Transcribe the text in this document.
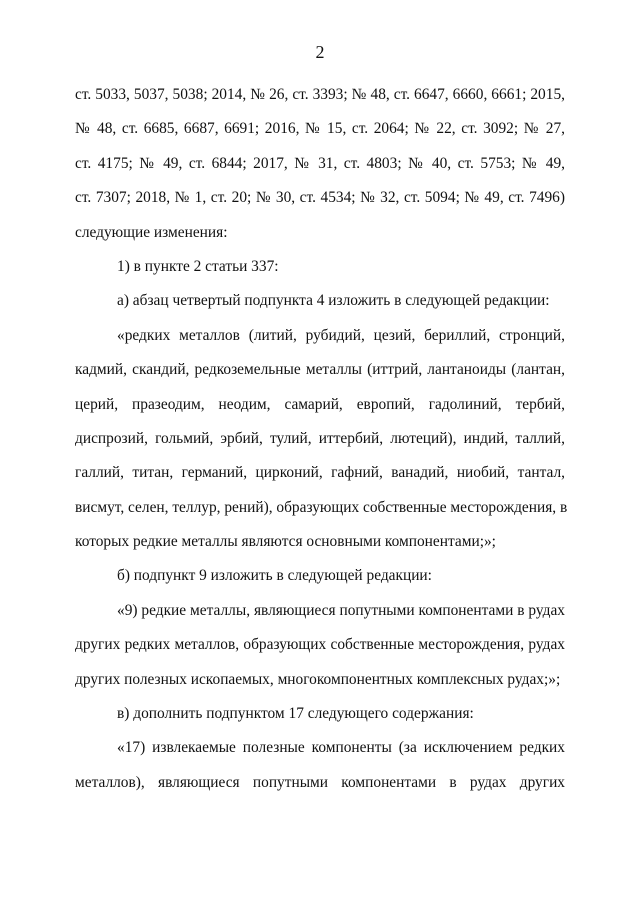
2
ст. 5033, 5037, 5038; 2014, № 26, ст. 3393; № 48, ст. 6647, 6660, 6661; 2015,
№ 48, ст. 6685, 6687, 6691; 2016, № 15, ст. 2064; № 22, ст. 3092; № 27,
ст. 4175; № 49, ст. 6844; 2017, № 31, ст. 4803; № 40, ст. 5753; № 49,
ст. 7307; 2018, № 1, ст. 20; № 30, ст. 4534; № 32, ст. 5094; № 49, ст. 7496)
следующие изменения:
1) в пункте 2 статьи 337:
а) абзац четвертый подпункта 4 изложить в следующей редакции:
«редких металлов (литий, рубидий, цезий, бериллий, стронций,
кадмий, скандий, редкоземельные металлы (иттрий, лантаноиды (лантан,
церий, празеодим, неодим, самарий, европий, гадолиний, тербий,
диспрозий, гольмий, эрбий, тулий, иттербий, лютеций), индий, таллий,
галлий, титан, германий, цирконий, гафний, ванадий, ниобий, тантал,
висмут, селен, теллур, рений), образующих собственные месторождения, в
которых редкие металлы являются основными компонентами;»;
б) подпункт 9 изложить в следующей редакции:
«9) редкие металлы, являющиеся попутными компонентами в рудах
других редких металлов, образующих собственные месторождения, рудах
других полезных ископаемых, многокомпонентных комплексных рудах;»;
в) дополнить подпунктом 17 следующего содержания:
«17) извлекаемые полезные компоненты (за исключением редких
металлов), являющиеся попутными компонентами в рудах других
